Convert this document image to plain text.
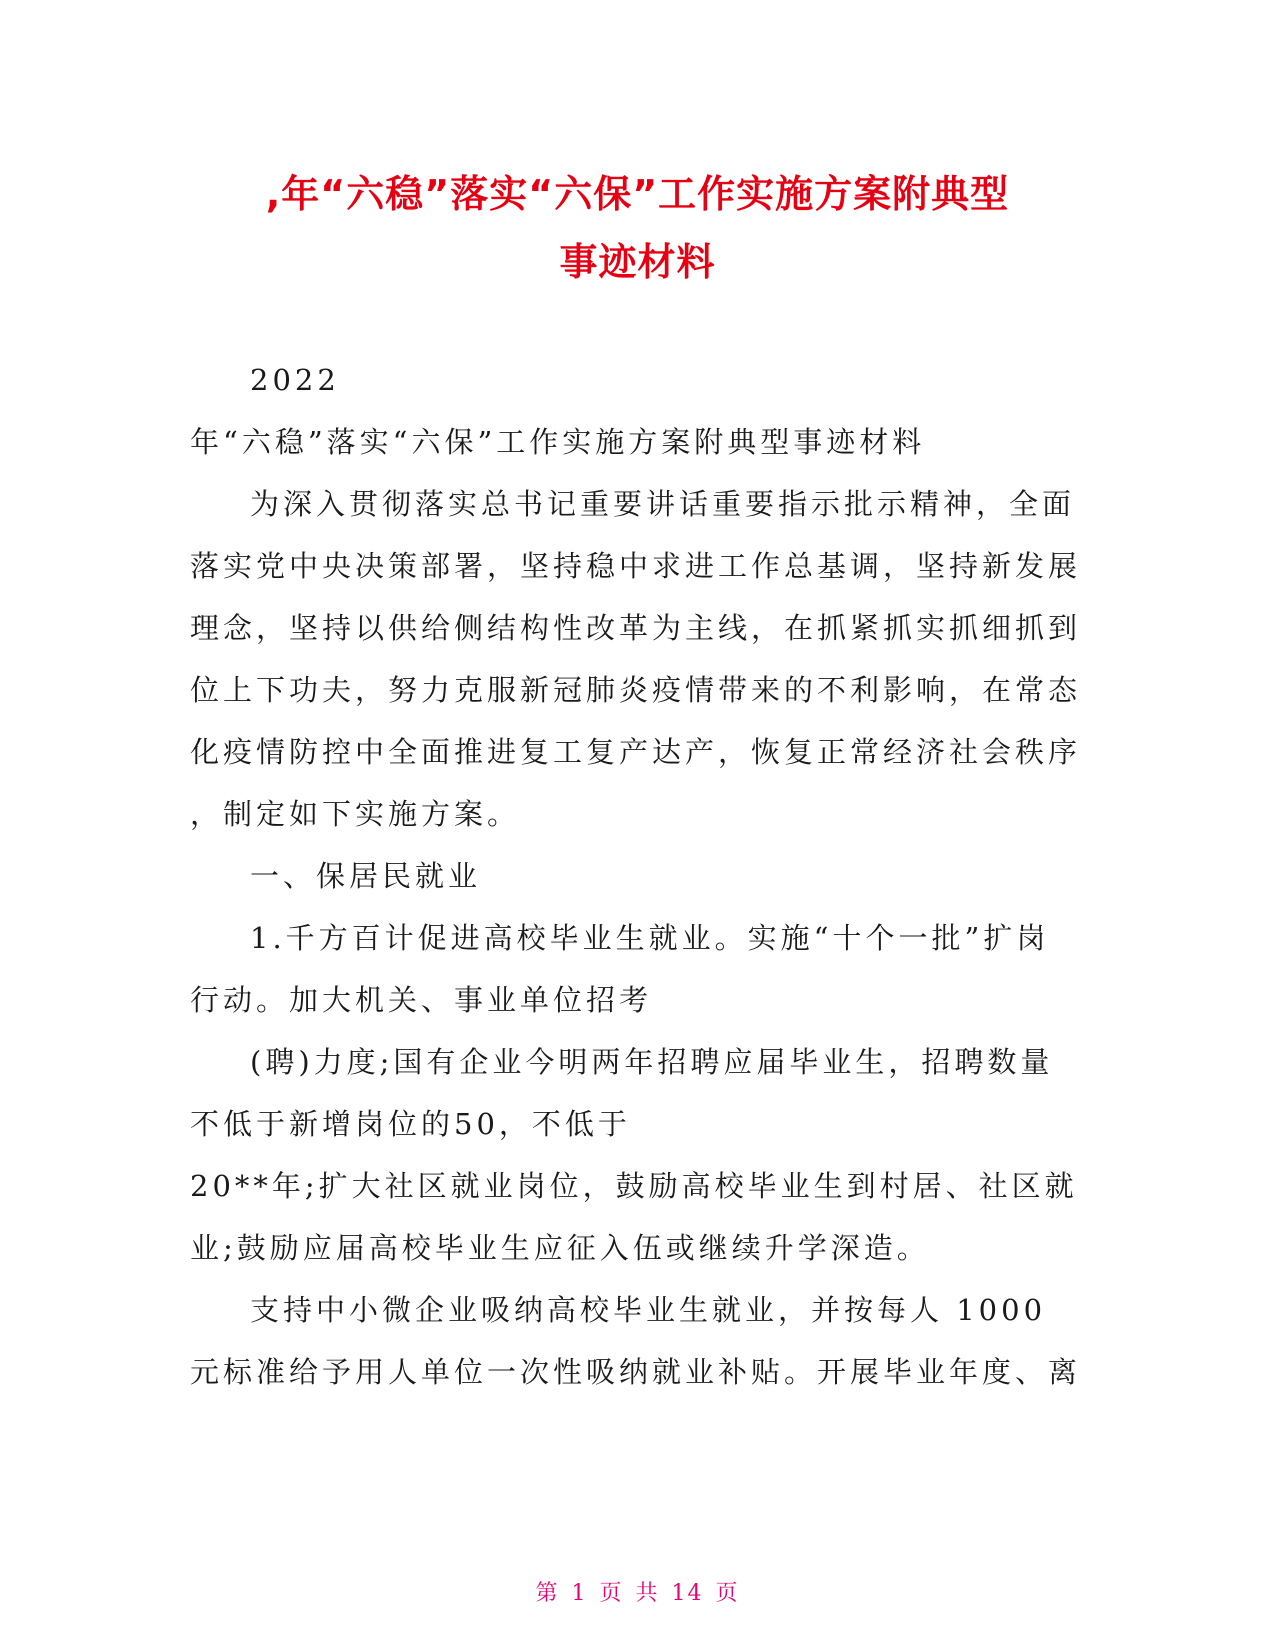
,年“六稳”落实“六保”工作实施方案附典型
事迹材料
2022
年“六稳”落实“六保”工作实施方案附典型事迹材料
为深入贯彻落实总书记重要讲话重要指示批示精神，全面
落实党中央决策部署，坚持稳中求进工作总基调，坚持新发展
理念，坚持以供给侧结构性改革为主线，在抓紧抓实抓细抓到
位上下功夫，努力克服新冠肺炎疫情带来的不利影响，在常态
化疫情防控中全面推进复工复产达产，恢复正常经济社会秩序
，制定如下实施方案。
一、保居民就业
1.千方百计促进高校毕业生就业。实施“十个一批”扩岗
行动。加大机关、事业单位招考
(聘)力度;国有企业今明两年招聘应届毕业生，招聘数量
不低于新增岗位的50，不低于
20**年;扩大社区就业岗位，鼓励高校毕业生到村居、社区就
业;鼓励应届高校毕业生应征入伍或继续升学深造。
支持中小微企业吸纳高校毕业生就业，并按每人 1000
元标准给予用人单位一次性吸纳就业补贴。开展毕业年度、离
第 1 页 共 14 页
